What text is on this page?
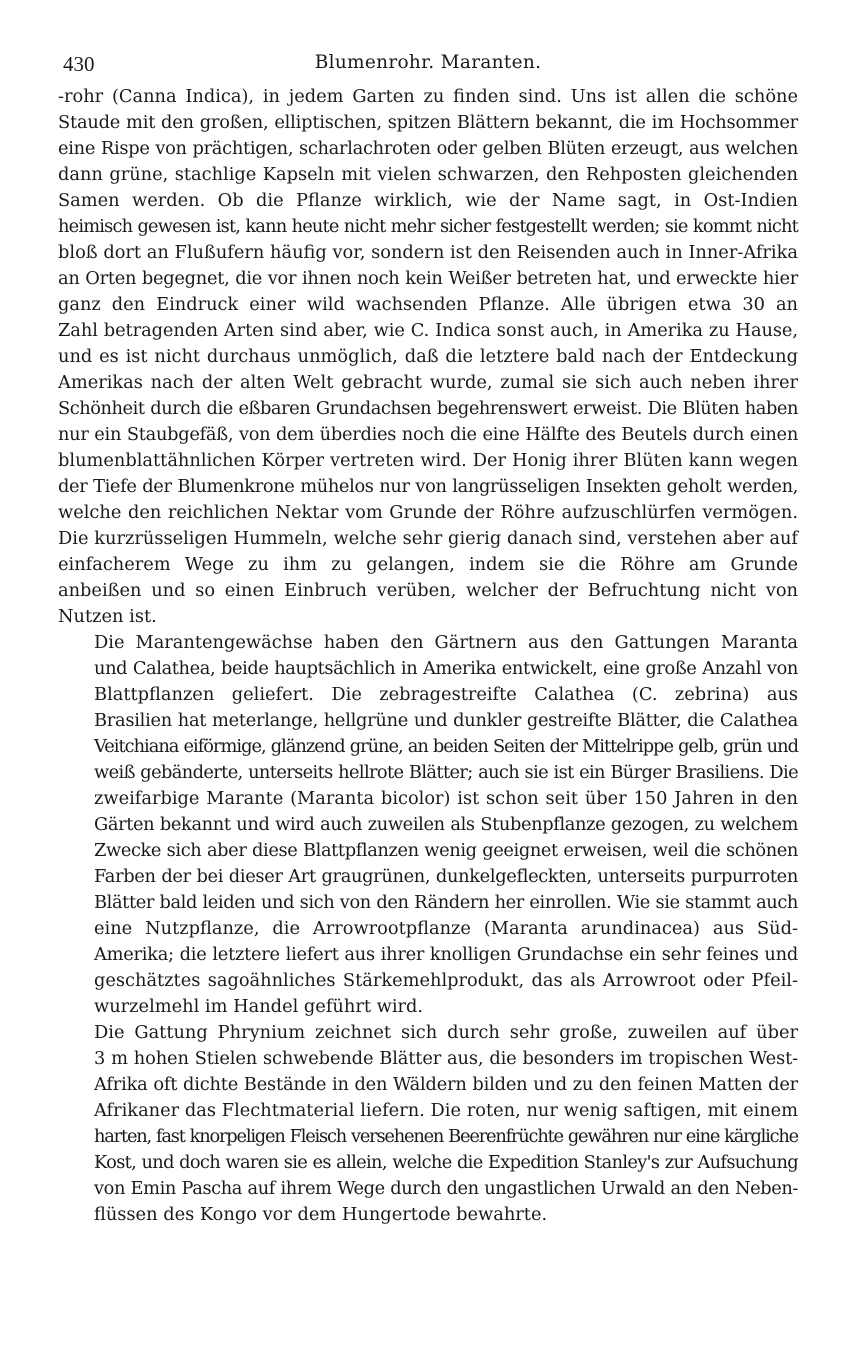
430	Blumenrohr. Maranten.

-rohr (Canna Indica), in jedem Garten zu finden sind. Uns ist allen die schöne
Staude mit den großen, elliptischen, spitzen Blättern bekannt, die im Hochsommer
eine Rispe von prächtigen, scharlachroten oder gelben Blüten erzeugt, aus welchen
dann grüne, stachlige Kapseln mit vielen schwarzen, den Rehposten gleichenden
Samen werden. Ob die Pflanze wirklich, wie der Name sagt, in Ost-Indien
heimisch gewesen ist, kann heute nicht mehr sicher festgestellt werden; sie kommt nicht
bloß dort an Flußufern häufig vor, sondern ist den Reisenden auch in Inner-Afrika
an Orten begegnet, die vor ihnen noch kein Weißer betreten hat, und erweckte hier
ganz den Eindruck einer wild wachsenden Pflanze. Alle übrigen etwa 30 an
Zahl betragenden Arten sind aber, wie C. Indica sonst auch, in Amerika zu Hause,
und es ist nicht durchaus unmöglich, daß die letztere bald nach der Entdeckung
Amerikas nach der alten Welt gebracht wurde, zumal sie sich auch neben ihrer
Schönheit durch die eßbaren Grundachsen begehrenswert erweist. Die Blüten haben
nur ein Staubgefäß, von dem überdies noch die eine Hälfte des Beutels durch einen
blumenblattähnlichen Körper vertreten wird. Der Honig ihrer Blüten kann wegen
der Tiefe der Blumenkrone mühelos nur von langrüsseligen Insekten geholt werden,
welche den reichlichen Nektar vom Grunde der Röhre aufzuschlürfen vermögen.
Die kurzrüsseligen Hummeln, welche sehr gierig danach sind, verstehen aber auf
einfacherem Wege zu ihm zu gelangen, indem sie die Röhre am Grunde
anbeißen und so einen Einbruch verüben, welcher der Befruchtung nicht von
Nutzen ist.

Die Marantengewächse haben den Gärtnern aus den Gattungen Maranta
und Calathea, beide hauptsächlich in Amerika entwickelt, eine große Anzahl von
Blattpflanzen geliefert. Die zebragestreifte Calathea (C. zebrina) aus
Brasilien hat meterlange, hellgrüne und dunkler gestreifte Blätter, die Calathea
Veitchiana eiförmige, glänzend grüne, an beiden Seiten der Mittelrippe gelb, grün und
weiß gebänderte, unterseits hellrote Blätter; auch sie ist ein Bürger Brasiliens. Die
zweifarbige Marante (Maranta bicolor) ist schon seit über 150 Jahren in den
Gärten bekannt und wird auch zuweilen als Stubenpflanze gezogen, zu welchem
Zwecke sich aber diese Blattpflanzen wenig geeignet erweisen, weil die schönen
Farben der bei dieser Art graugrünen, dunkelgefleckten, unterseits purpurroten
Blätter bald leiden und sich von den Rändern her einrollen. Wie sie stammt auch
eine Nutzpflanze, die Arrowrootpflanze (Maranta arundinacea) aus Süd-
Amerika; die letztere liefert aus ihrer knolligen Grundachse ein sehr feines und
geschätztes sagoähnliches Stärkemehlprodukt, das als Arrowroot oder Pfeil-
wurzelmehl im Handel geführt wird.

Die Gattung Phrynium zeichnet sich durch sehr große, zuweilen auf über
3 m hohen Stielen schwebende Blätter aus, die besonders im tropischen West-
Afrika oft dichte Bestände in den Wäldern bilden und zu den feinen Matten der
Afrikaner das Flechtmaterial liefern. Die roten, nur wenig saftigen, mit einem
harten, fast knorpeligen Fleisch versehenen Beerenfrüchte gewähren nur eine kärgliche
Kost, und doch waren sie es allein, welche die Expedition Stanley's zur Aufsuchung
von Emin Pascha auf ihrem Wege durch den ungastlichen Urwald an den Neben-
flüssen des Kongo vor dem Hungertode bewahrte.
